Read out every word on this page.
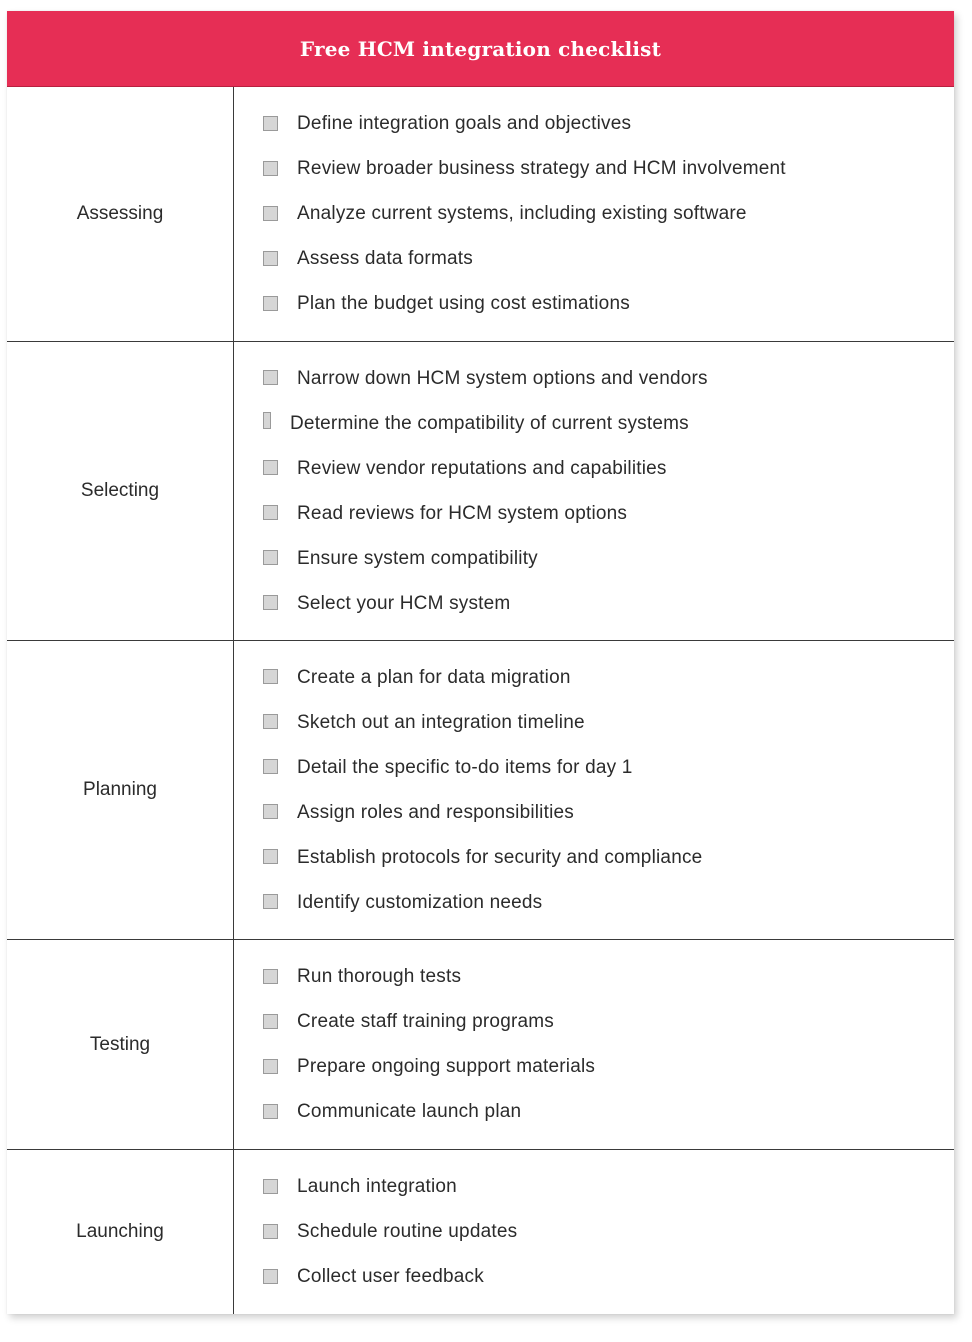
Free HCM integration checklist
Assessing
Define integration goals and objectives
Review broader business strategy and HCM involvement
Analyze current systems, including existing software
Assess data formats
Plan the budget using cost estimations
Selecting
Narrow down HCM system options and vendors
Determine the compatibility of current systems
Review vendor reputations and capabilities
Read reviews for HCM system options
Ensure system compatibility
Select your HCM system
Planning
Create a plan for data migration
Sketch out an integration timeline
Detail the specific to-do items for day 1
Assign roles and responsibilities
Establish protocols for security and compliance
Identify customization needs
Testing
Run thorough tests
Create staff training programs
Prepare ongoing support materials
Communicate launch plan
Launching
Launch integration
Schedule routine updates
Collect user feedback
